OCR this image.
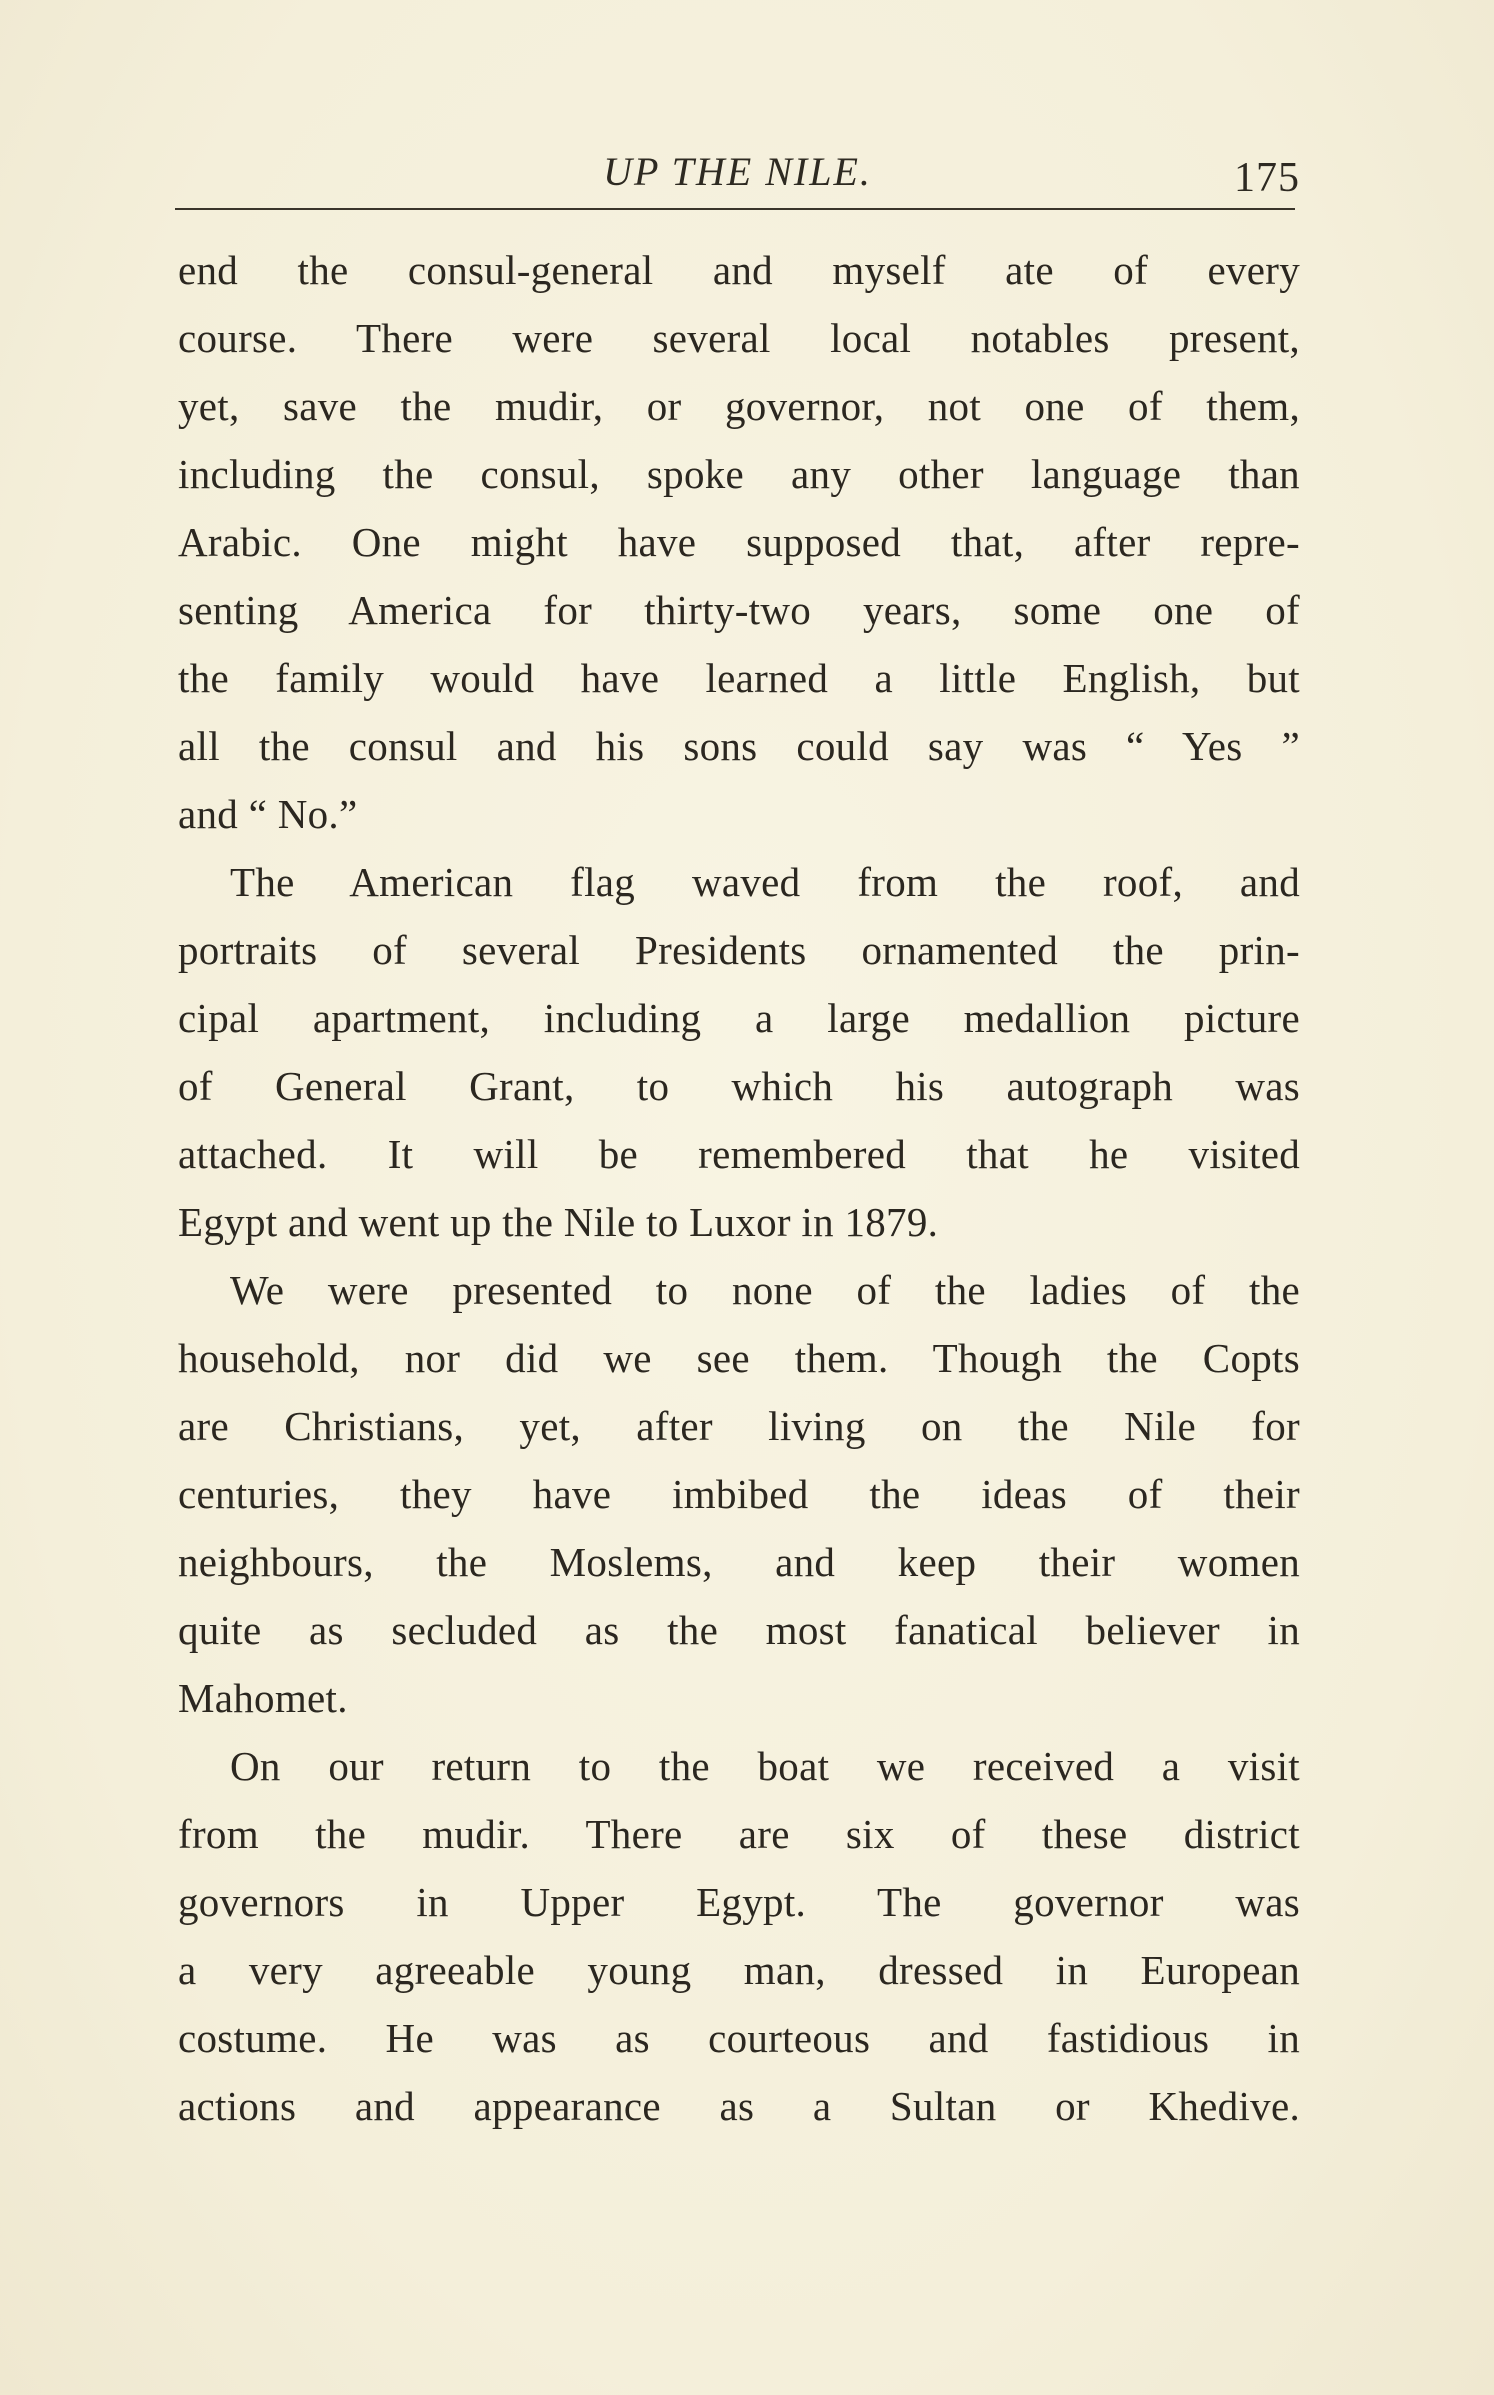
UP THE NILE.	175
end the consul-general and myself ate of every
course. There were several local notables present,
yet, save the mudir, or governor, not one of them,
including the consul, spoke any other language than
Arabic. One might have supposed that, after repre-
senting America for thirty-two years, some one of
the family would have learned a little English, but
all the consul and his sons could say was “ Yes ”
and “ No.”
The American flag waved from the roof, and
portraits of several Presidents ornamented the prin-
cipal apartment, including a large medallion picture
of General Grant, to which his autograph was
attached. It will be remembered that he visited
Egypt and went up the Nile to Luxor in 1879.
We were presented to none of the ladies of the
household, nor did we see them. Though the Copts
are Christians, yet, after living on the Nile for
centuries, they have imbibed the ideas of their
neighbours, the Moslems, and keep their women
quite as secluded as the most fanatical believer in
Mahomet.
On our return to the boat we received a visit
from the mudir. There are six of these district
governors in Upper Egypt. The governor was
a very agreeable young man, dressed in European
costume. He was as courteous and fastidious in
actions and appearance as a Sultan or Khedive.
